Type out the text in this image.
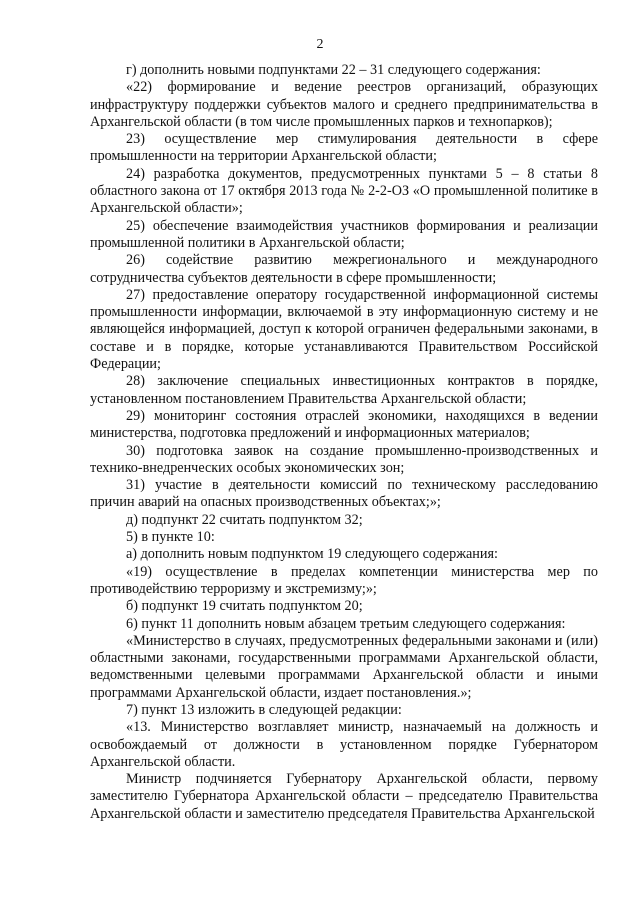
2

г) дополнить новыми подпунктами 22 – 31 следующего содержания:

«22) формирование и ведение реестров организаций, образующих инфраструктуру поддержки субъектов малого и среднего предпринимательства в Архангельской области (в том числе промышленных парков и технопарков);

23) осуществление мер стимулирования деятельности в сфере промышленности на территории Архангельской области;

24) разработка документов, предусмотренных пунктами 5 – 8 статьи 8 областного закона от 17 октября 2013 года № 2-2-ОЗ «О промышленной политике в Архангельской области»;

25) обеспечение взаимодействия участников формирования и реализации промышленной политики в Архангельской области;

26) содействие развитию межрегионального и международного сотрудничества субъектов деятельности в сфере промышленности;

27) предоставление оператору государственной информационной системы промышленности информации, включаемой в эту информационную систему и не являющейся информацией, доступ к которой ограничен федеральными законами, в составе и в порядке, которые устанавливаются Правительством Российской Федерации;

28) заключение специальных инвестиционных контрактов в порядке, установленном постановлением Правительства Архангельской области;

29) мониторинг состояния отраслей экономики, находящихся в ведении министерства, подготовка предложений и информационных материалов;

30) подготовка заявок на создание промышленно-производственных и технико-внедренческих особых экономических зон;

31) участие в деятельности комиссий по техническому расследованию причин аварий на опасных производственных объектах;»;

д) подпункт 22 считать подпунктом 32;

5) в пункте 10:

а) дополнить новым подпунктом 19 следующего содержания:

«19) осуществление в пределах компетенции министерства мер по противодействию терроризму и экстремизму;»;

б) подпункт 19 считать подпунктом 20;

6) пункт 11 дополнить новым абзацем третьим следующего содержания:

«Министерство в случаях, предусмотренных федеральными законами и (или) областными законами, государственными программами Архангельской области, ведомственными целевыми программами Архангельской области и иными программами Архангельской области, издает постановления.»;

7) пункт 13 изложить в следующей редакции:

«13. Министерство возглавляет министр, назначаемый на должность и освобождаемый от должности в установленном порядке Губернатором Архангельской области.

Министр подчиняется Губернатору Архангельской области, первому заместителю Губернатора Архангельской области – председателю Правительства Архангельской области и заместителю председателя Правительства Архангельской
